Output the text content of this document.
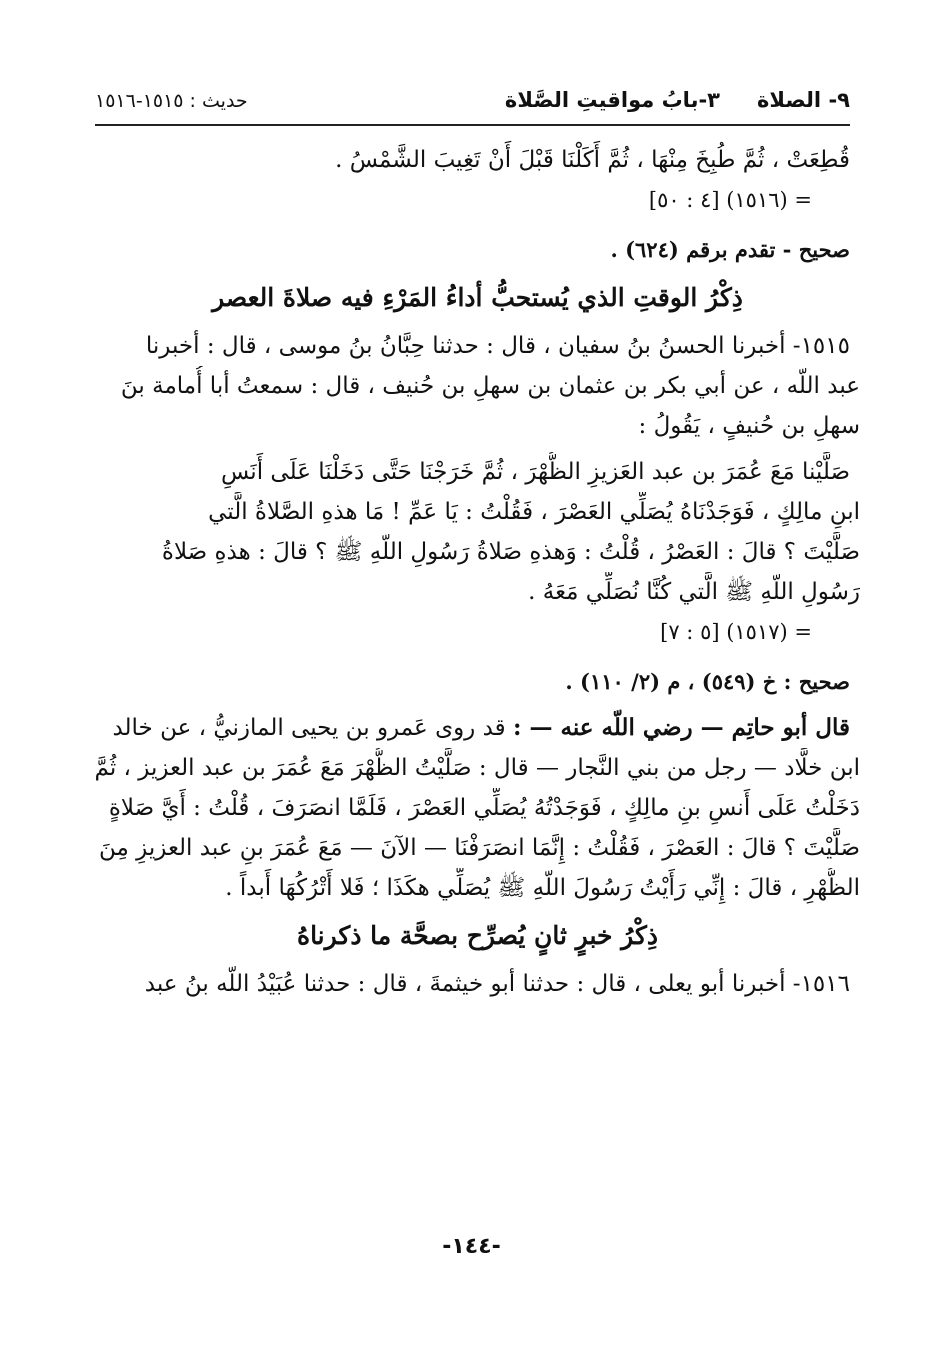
٩- الصلاة
٣-بابُ مواقيتِ الصَّلاة
حديث : ١٥١٥-١٥١٦
قُطِعَتْ ، ثُمَّ طُبِخَ مِنْهَا ، ثُمَّ أَكَلْنَا قَبْلَ أَنْ تَغِيبَ الشَّمْسُ .
= (١٥١٦) [٤ : ٥٠]
صحيح - تقدم برقم (٦٢٤) .
ذِكْرُ الوقتِ الذي يُستحبُّ أداءُ المَرْءِ فيه صلاةَ العصر
١٥١٥- أخبرنا الحسنُ بنُ سفيان ، قال : حدثنا حِبَّانُ بنُ موسى ، قال : أخبرنا
عبد اللّه ، عن أبي بكر بن عثمان بن سهلِ بن حُنيف ، قال : سمعتُ أبا أُمامة بنَ
سهلِ بن حُنيفٍ ، يَقُولُ :
صَلَّيْنا مَعَ عُمَرَ بن عبد العَزيزِ الظُّهْرَ ، ثُمَّ خَرَجْنَا حَتَّى دَخَلْنَا عَلَى أَنَسِ
ابنِ مالِكٍ ، فَوَجَدْنَاهُ يُصَلِّي العَصْرَ ، فَقُلْتُ : يَا عَمِّ ! مَا هذهِ الصَّلاةُ الَّتي
صَلَّيْتَ ؟ قالَ : العَصْرُ ، قُلْتُ : وَهذهِ صَلاةُ رَسُولِ اللّهِ ﷺ ؟ قالَ : هذهِ صَلاةُ
رَسُولِ اللّهِ ﷺ الَّتي كُنَّا نُصَلِّي مَعَهُ .
= (١٥١٧) [٥ : ٧]
صحيح : خ (٥٤٩) ، م (٢/ ١١٠) .
قال أبو حاتِم — رضي اللّه عنه — : قد روى عَمرو بن يحيى المازنيُّ ، عن خالد
ابن خلَّاد — رجل من بني النَّجار — قال : صَلَّيْتُ الظُّهْرَ مَعَ عُمَرَ بن عبد العزيز ، ثُمَّ
دَخَلْتُ عَلَى أَنسِ بنِ مالِكٍ ، فَوَجَدْتُهُ يُصَلِّي العَصْرَ ، فَلَمَّا انصَرَفَ ، قُلْتُ : أَيَّ صَلاةٍ
صَلَّيْتَ ؟ قالَ : العَصْرَ ، فَقُلْتُ : إِنَّمَا انصَرَفْنَا — الآنَ — مَعَ عُمَرَ بنِ عبد العزيزِ مِنَ
الظُّهْرِ ، قالَ : إِنِّي رَأَيْتُ رَسُولَ اللّهِ ﷺ يُصَلِّي هكَذَا ؛ فَلا أَتْرُكُهَا أَبداً .
ذِكْرُ خبرٍ ثانٍ يُصرِّح بصحَّة ما ذكرناهُ
١٥١٦- أخبرنا أبو يعلى ، قال : حدثنا أبو خيثمةَ ، قال : حدثنا عُبَيْدُ اللّه بنُ عبد
-١٤٤-
